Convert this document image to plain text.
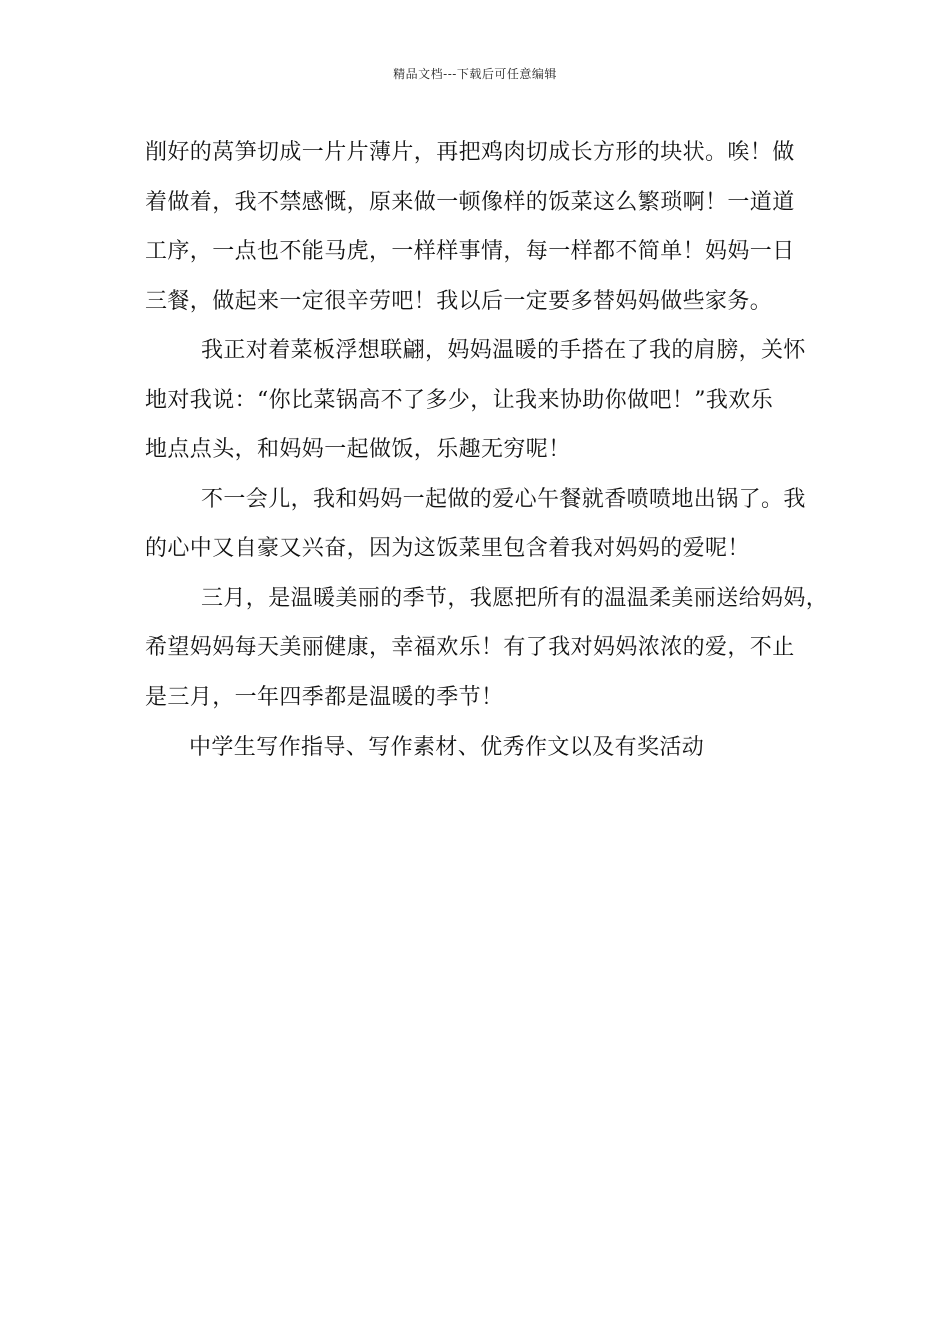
精品文档---下载后可任意编辑
削好的莴笋切成一片片薄片，再把鸡肉切成长方形的块状。唉！做
着做着，我不禁感慨，原来做一顿像样的饭菜这么繁琐啊！一道道
工序，一点也不能马虎，一样样事情，每一样都不简单！妈妈一日
三餐，做起来一定很辛劳吧！我以后一定要多替妈妈做些家务。
我正对着菜板浮想联翩，妈妈温暖的手搭在了我的肩膀，关怀
地对我说：“你比菜锅高不了多少，让我来协助你做吧！”我欢乐
地点点头，和妈妈一起做饭，乐趣无穷呢！
不一会儿，我和妈妈一起做的爱心午餐就香喷喷地出锅了。我
的心中又自豪又兴奋，因为这饭菜里包含着我对妈妈的爱呢！
三月，是温暖美丽的季节，我愿把所有的温温柔美丽送给妈妈，
希望妈妈每天美丽健康，幸福欢乐！有了我对妈妈浓浓的爱，不止
是三月，一年四季都是温暖的季节！
中学生写作指导、写作素材、优秀作文以及有奖活动
